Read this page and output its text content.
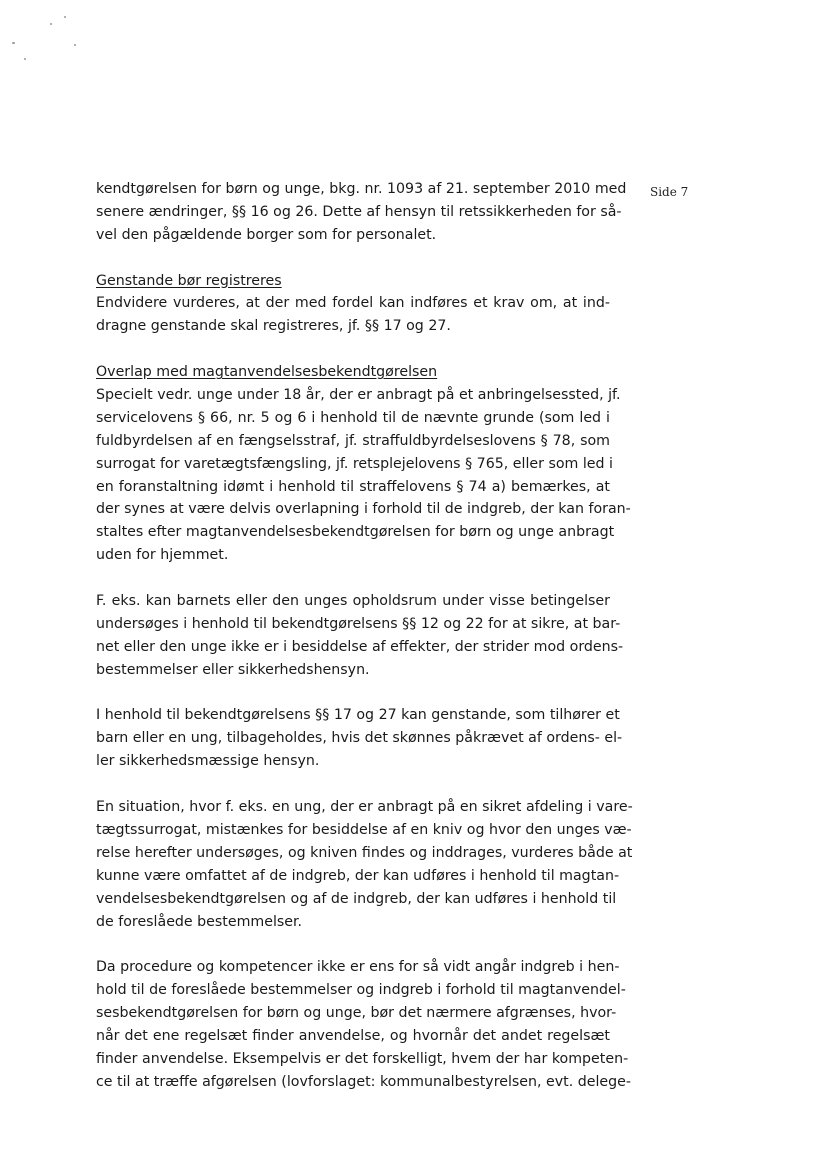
Side 7
kendtgørelsen for børn og unge, bkg. nr. 1093 af 21. september 2010 med
senere ændringer, §§ 16 og 26. Dette af hensyn til retssikkerheden for så-
vel den pågældende borger som for personalet.
Genstande bør registreres
Endvidere vurderes, at der med fordel kan indføres et krav om, at ind-
dragne genstande skal registreres, jf. §§ 17 og 27.
Overlap med magtanvendelsesbekendtgørelsen
Specielt vedr. unge under 18 år, der er anbragt på et anbringelsessted, jf.
servicelovens § 66, nr. 5 og 6 i henhold til de nævnte grunde (som led i
fuldbyrdelsen af en fængselsstraf, jf. straffuldbyrdelseslovens § 78, som
surrogat for varetægtsfængsling, jf. retsplejelovens § 765, eller som led i
en foranstaltning idømt i henhold til straffelovens § 74 a) bemærkes, at
der synes at være delvis overlapning i forhold til de indgreb, der kan foran-
staltes efter magtanvendelsesbekendtgørelsen for børn og unge anbragt
uden for hjemmet.
F. eks. kan barnets eller den unges opholdsrum under visse betingelser
undersøges i henhold til bekendtgørelsens §§ 12 og 22 for at sikre, at bar-
net eller den unge ikke er i besiddelse af effekter, der strider mod ordens-
bestemmelser eller sikkerhedshensyn.
I henhold til bekendtgørelsens §§ 17 og 27 kan genstande, som tilhører et
barn eller en ung, tilbageholdes, hvis det skønnes påkrævet af ordens- el-
ler sikkerhedsmæssige hensyn.
En situation, hvor f. eks. en ung, der er anbragt på en sikret afdeling i vare-
tægtssurrogat, mistænkes for besiddelse af en kniv og hvor den unges væ-
relse herefter undersøges, og kniven findes og inddrages, vurderes både at
kunne være omfattet af de indgreb, der kan udføres i henhold til magtan-
vendelsesbekendtgørelsen og af de indgreb, der kan udføres i henhold til
de foreslåede bestemmelser.
Da procedure og kompetencer ikke er ens for så vidt angår indgreb i hen-
hold til de foreslåede bestemmelser og indgreb i forhold til magtanvendel-
sesbekendtgørelsen for børn og unge, bør det nærmere afgrænses, hvor-
når det ene regelsæt finder anvendelse, og hvornår det andet regelsæt
finder anvendelse. Eksempelvis er det forskelligt, hvem der har kompeten-
ce til at træffe afgørelsen (lovforslaget: kommunalbestyrelsen, evt. delege-
